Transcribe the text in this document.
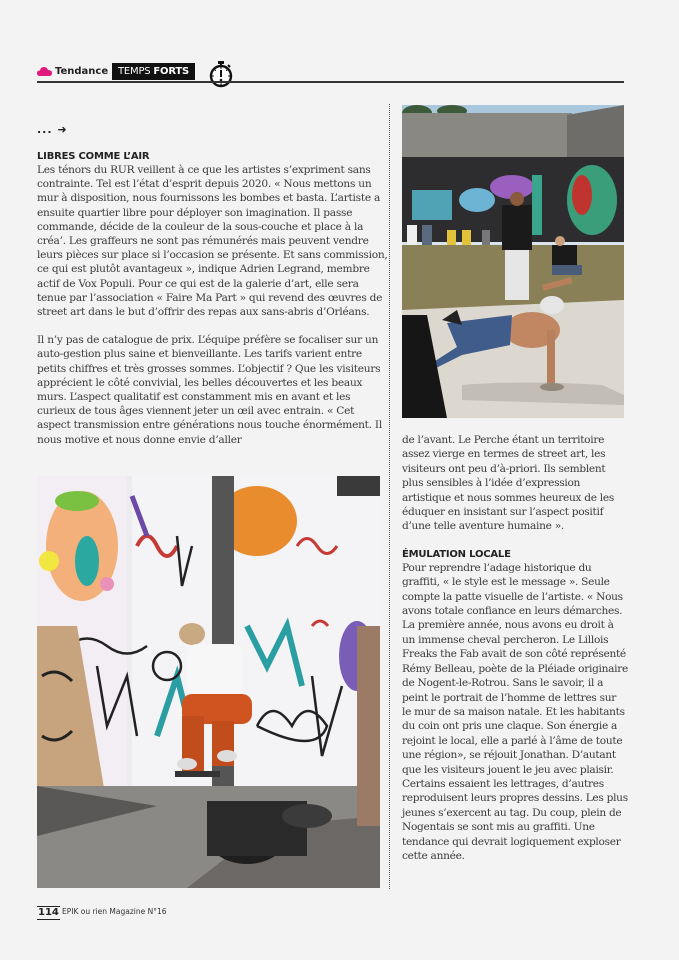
Tendance TEMPS FORTS
... ➜
LIBRES COMME L’AIR

Les ténors du RUR veillent à ce que les artistes s’expriment sans contrainte. Tel est l’état d’esprit depuis 2020. « Nous mettons un mur à disposition, nous fournissons les bombes et basta. L’artiste a ensuite quartier libre pour déployer son imagination. Il passe commande, décide de la couleur de la sous-couche et place à la créa’. Les graffeurs ne sont pas rémunérés mais peuvent vendre leurs pièces sur place si l’occasion se présente. Et sans commission, ce qui est plutôt avantageux », indique Adrien Legrand, membre actif de Vox Populi. Pour ce qui est de la galerie d’art, elle sera tenue par l’association « Faire Ma Part » qui revend des œuvres de street art dans le but d’offrir des repas aux sans-abris d’Orléans.

Il n’y pas de catalogue de prix. L’équipe préfère se focaliser sur un auto-gestion plus saine et bienveillante. Les tarifs varient entre petits chiffres et très grosses sommes. L’objectif ? Que les visiteurs apprécient le côté convivial, les belles découvertes et les beaux murs. L’aspect qualitatif est constamment mis en avant et les curieux de tous âges viennent jeter un œil avec entrain. « Cet aspect transmission entre générations nous touche énormément. Il nous motive et nous donne envie d’aller	de l’avant. Le Perche étant un territoire assez vierge en termes de street art, les visiteurs ont peu d’à-priori. Ils semblent plus sensibles à l’idée d’expression artistique et nous sommes heureux de les éduquer en insistant sur l’aspect positif d’une telle aventure humaine ».

ÉMULATION LOCALE

Pour reprendre l’adage historique du graffiti, « le style est le message ». Seule compte la patte visuelle de l’artiste. « Nous avons totale confiance en leurs démarches. La première année, nous avons eu droit à un immense cheval percheron. Le Lillois Freaks the Fab avait de son côté représenté Rémy Belleau, poète de la Pléiade originaire de Nogent-le-Rotrou. Sans le savoir, il a peint le portrait de l’homme de lettres sur le mur de sa maison natale. Et les habitants du coin ont pris une claque. Son énergie a rejoint le local, elle a parlé à l’âme de toute une région», se réjouit Jonathan. D’autant que les visiteurs jouent le jeu avec plaisir. Certains essaient les lettrages, d’autres reproduisent leurs propres dessins. Les plus jeunes s’exercent au tag. Du coup, plein de Nogentais se sont mis au graffiti. Une tendance qui devrait logiquement exploser cette année.

114 EPIK ou rien Magazine N°16
